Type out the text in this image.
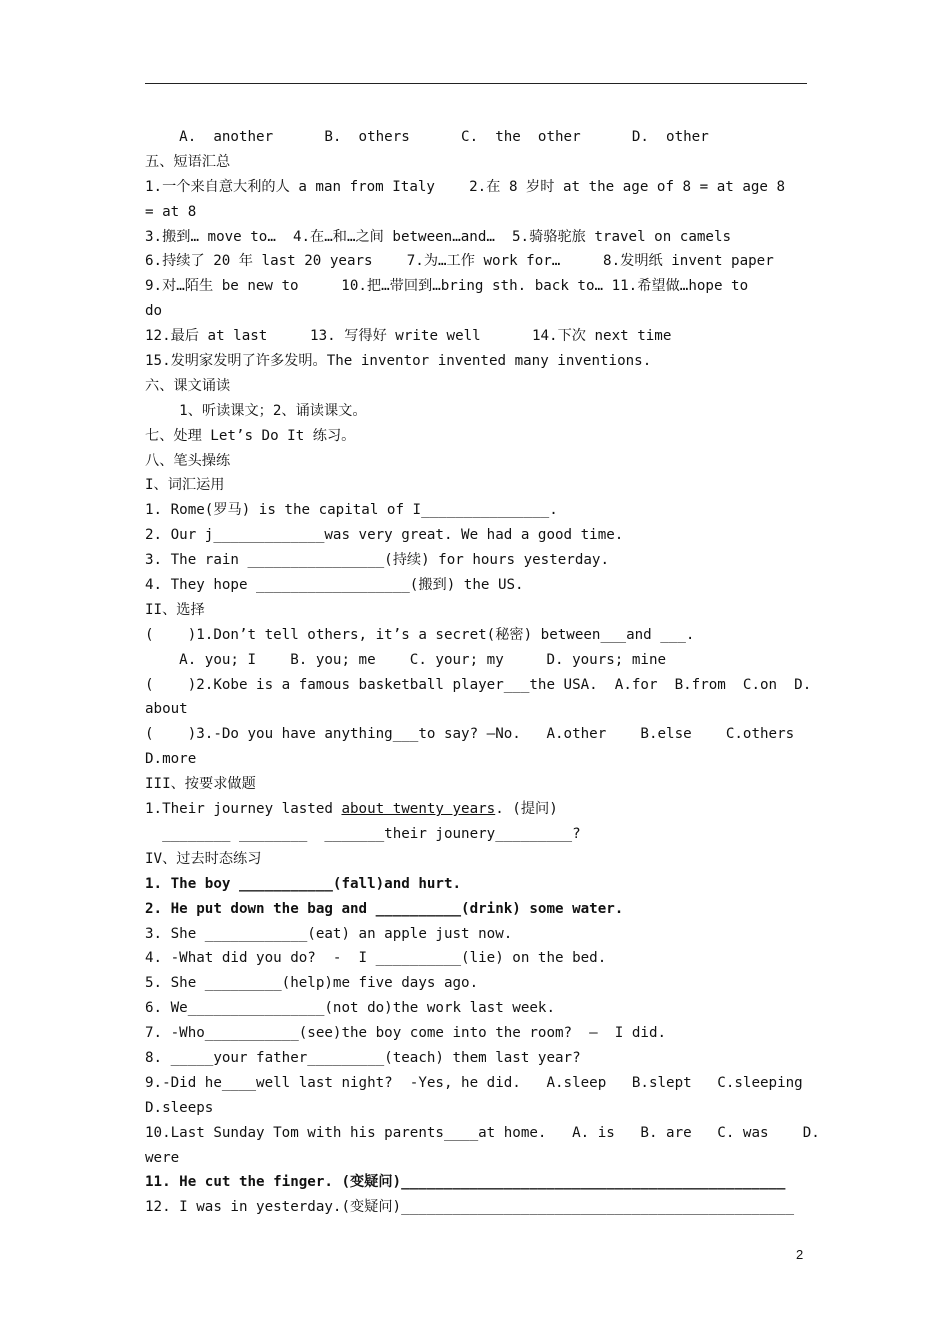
A.  another      B.  others      C.  the  other      D.  other
五、短语汇总
1.一个来自意大利的人 a man from Italy    2.在 8 岁时 at the age of 8 = at age 8
= at 8
3.搬到… move to…  4.在…和…之间 between…and…  5.骑骆驼旅 travel on camels
6.持续了 20 年 last 20 years    7.为…工作 work for…     8.发明纸 invent paper
9.对…陌生 be new to     10.把…带回到…bring sth. back to… 11.希望做…hope to
do
12.最后 at last     13. 写得好 write well      14.下次 next time
15.发明家发明了许多发明。The inventor invented many inventions.
六、课文诵读
1、听读课文；2、诵读课文。
七、处理 Let’s Do It 练习。
八、笔头操练
I、词汇运用
1. Rome(罗马) is the capital of I_______________.
2. Our j_____________was very great. We had a good time.
3. The rain ________________(持续) for hours yesterday.
4. They hope __________________(搬到) the US.
II、选择
(    )1.Don’t tell others, it’s a secret(秘密) between___and ___.
A. you; I    B. you; me    C. your; my     D. yours; mine
(    )2.Kobe is a famous basketball player___the USA.  A.for  B.from  C.on  D.
about
(    )3.-Do you have anything___to say? –No.   A.other    B.else    C.others
D.more
III、按要求做题
1.Their journey lasted about twenty years. (提问)
________ ________  _______their jounery_________?
IV、过去时态练习
1. The boy ___________(fall)and hurt.
2. He put down the bag and __________(drink) some water.
3. She ____________(eat) an apple just now.
4. -What did you do?  -  I __________(lie) on the bed.
5. She _________(help)me five days ago.
6. We________________(not do)the work last week.
7. -Who___________(see)the boy come into the room?  –  I did.
8. _____your father_________(teach) them last year?
9.-Did he____well last night?  -Yes, he did.   A.sleep   B.slept   C.sleeping
D.sleeps
10.Last Sunday Tom with his parents____at home.   A. is   B. are   C. was    D.
were
11. He cut the finger. (变疑问)_____________________________________________
12. I was in yesterday.(变疑问)______________________________________________
2
